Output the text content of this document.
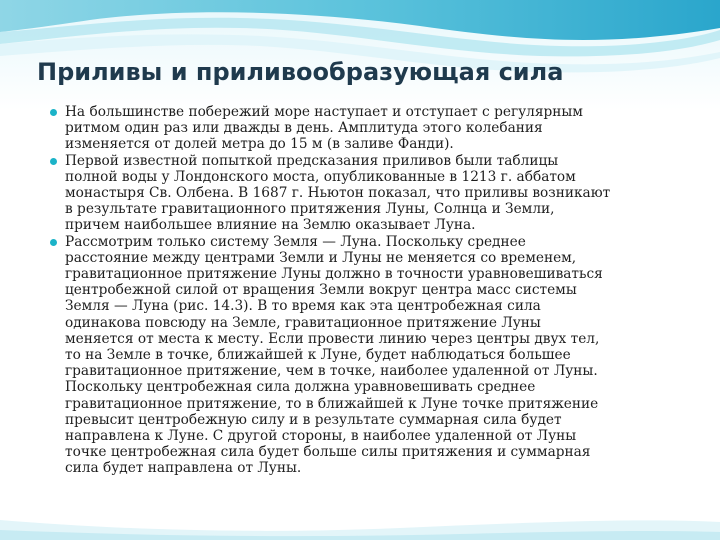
Приливы и приливообразующая сила
На большинстве побережий море наступает и отступает с регулярным
ритмом один раз или дважды в день. Амплитуда этого колебания
изменяется от долей метра до 15 м (в заливе Фанди).
Первой известной попыткой предсказания приливов были таблицы
полной воды у Лондонского моста, опубликованные в 1213 г. аббатом
монастыря Св. Олбена. В 1687 г. Ньютон показал, что приливы возникают
в результате гравитационного притяжения Луны, Солнца и Земли,
причем наибольшее влияние на Землю оказывает Луна.
Рассмотрим только систему Земля — Луна. Поскольку среднее
расстояние между центрами Земли и Луны не меняется со временем,
гравитационное притяжение Луны должно в точности уравновешиваться
центробежной силой от вращения Земли вокруг центра масс системы
Земля — Луна (рис. 14.3). В то время как эта центробежная сила
одинакова повсюду на Земле, гравитационное притяжение Луны
меняется от места к месту. Если провести линию через центры двух тел,
то на Земле в точке, ближайшей к Луне, будет наблюдаться большее
гравитационное притяжение, чем в точке, наиболее удаленной от Луны.
Поскольку центробежная сила должна уравновешивать среднее
гравитационное притяжение, то в ближайшей к Луне точке притяжение
превысит центробежную силу и в результате суммарная сила будет
направлена к Луне. С другой стороны, в наиболее удаленной от Луны
точке центробежная сила будет больше силы притяжения и суммарная
сила будет направлена от Луны.
